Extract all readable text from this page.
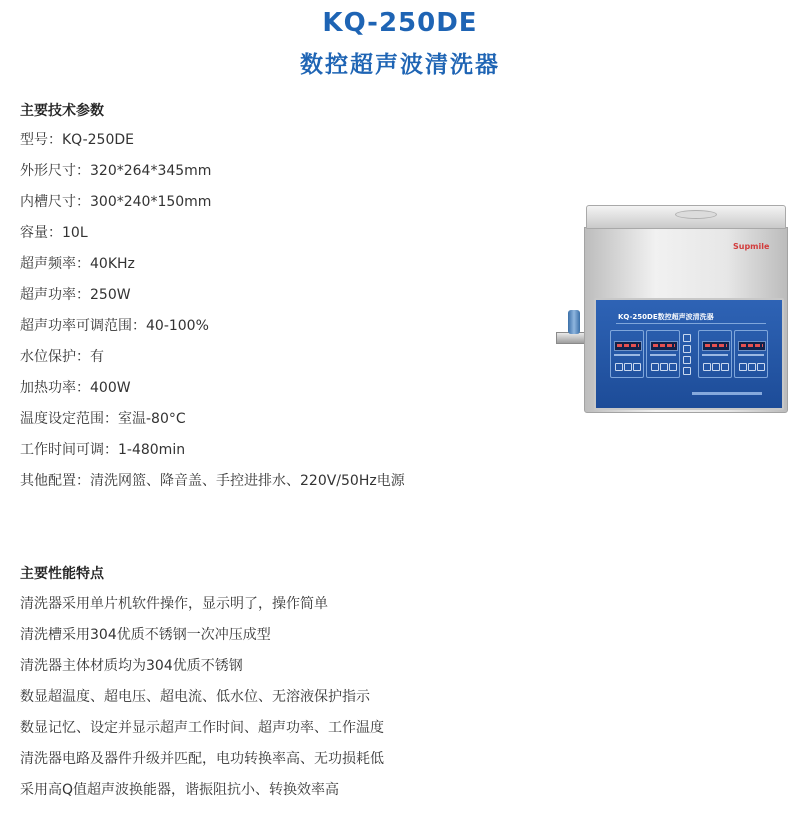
KQ-250DE
数控超声波清洗器
主要技术参数
型号：KQ-250DE
外形尺寸：320*264*345mm
内槽尺寸：300*240*150mm
容量：10L
超声频率：40KHz
超声功率：250W
超声功率可调范围：40-100%
水位保护：有
加热功率：400W
温度设定范围：室温-80°C
工作时间可调：1-480min
其他配置：清洗网篮、降音盖、手控进排水、220V/50Hz电源
主要性能特点
清洗器采用单片机软件操作，显示明了，操作简单
清洗槽采用304优质不锈钢一次冲压成型
清洗器主体材质均为304优质不锈钢
数显超温度、超电压、超电流、低水位、无溶液保护指示
数显记忆、设定并显示超声工作时间、超声功率、工作温度
清洗器电路及器件升级并匹配，电功转换率高、无功损耗低
采用高Q值超声波换能器，谐振阻抗小、转换效率高
Supmile
KQ-250DE数控超声波清洗器
